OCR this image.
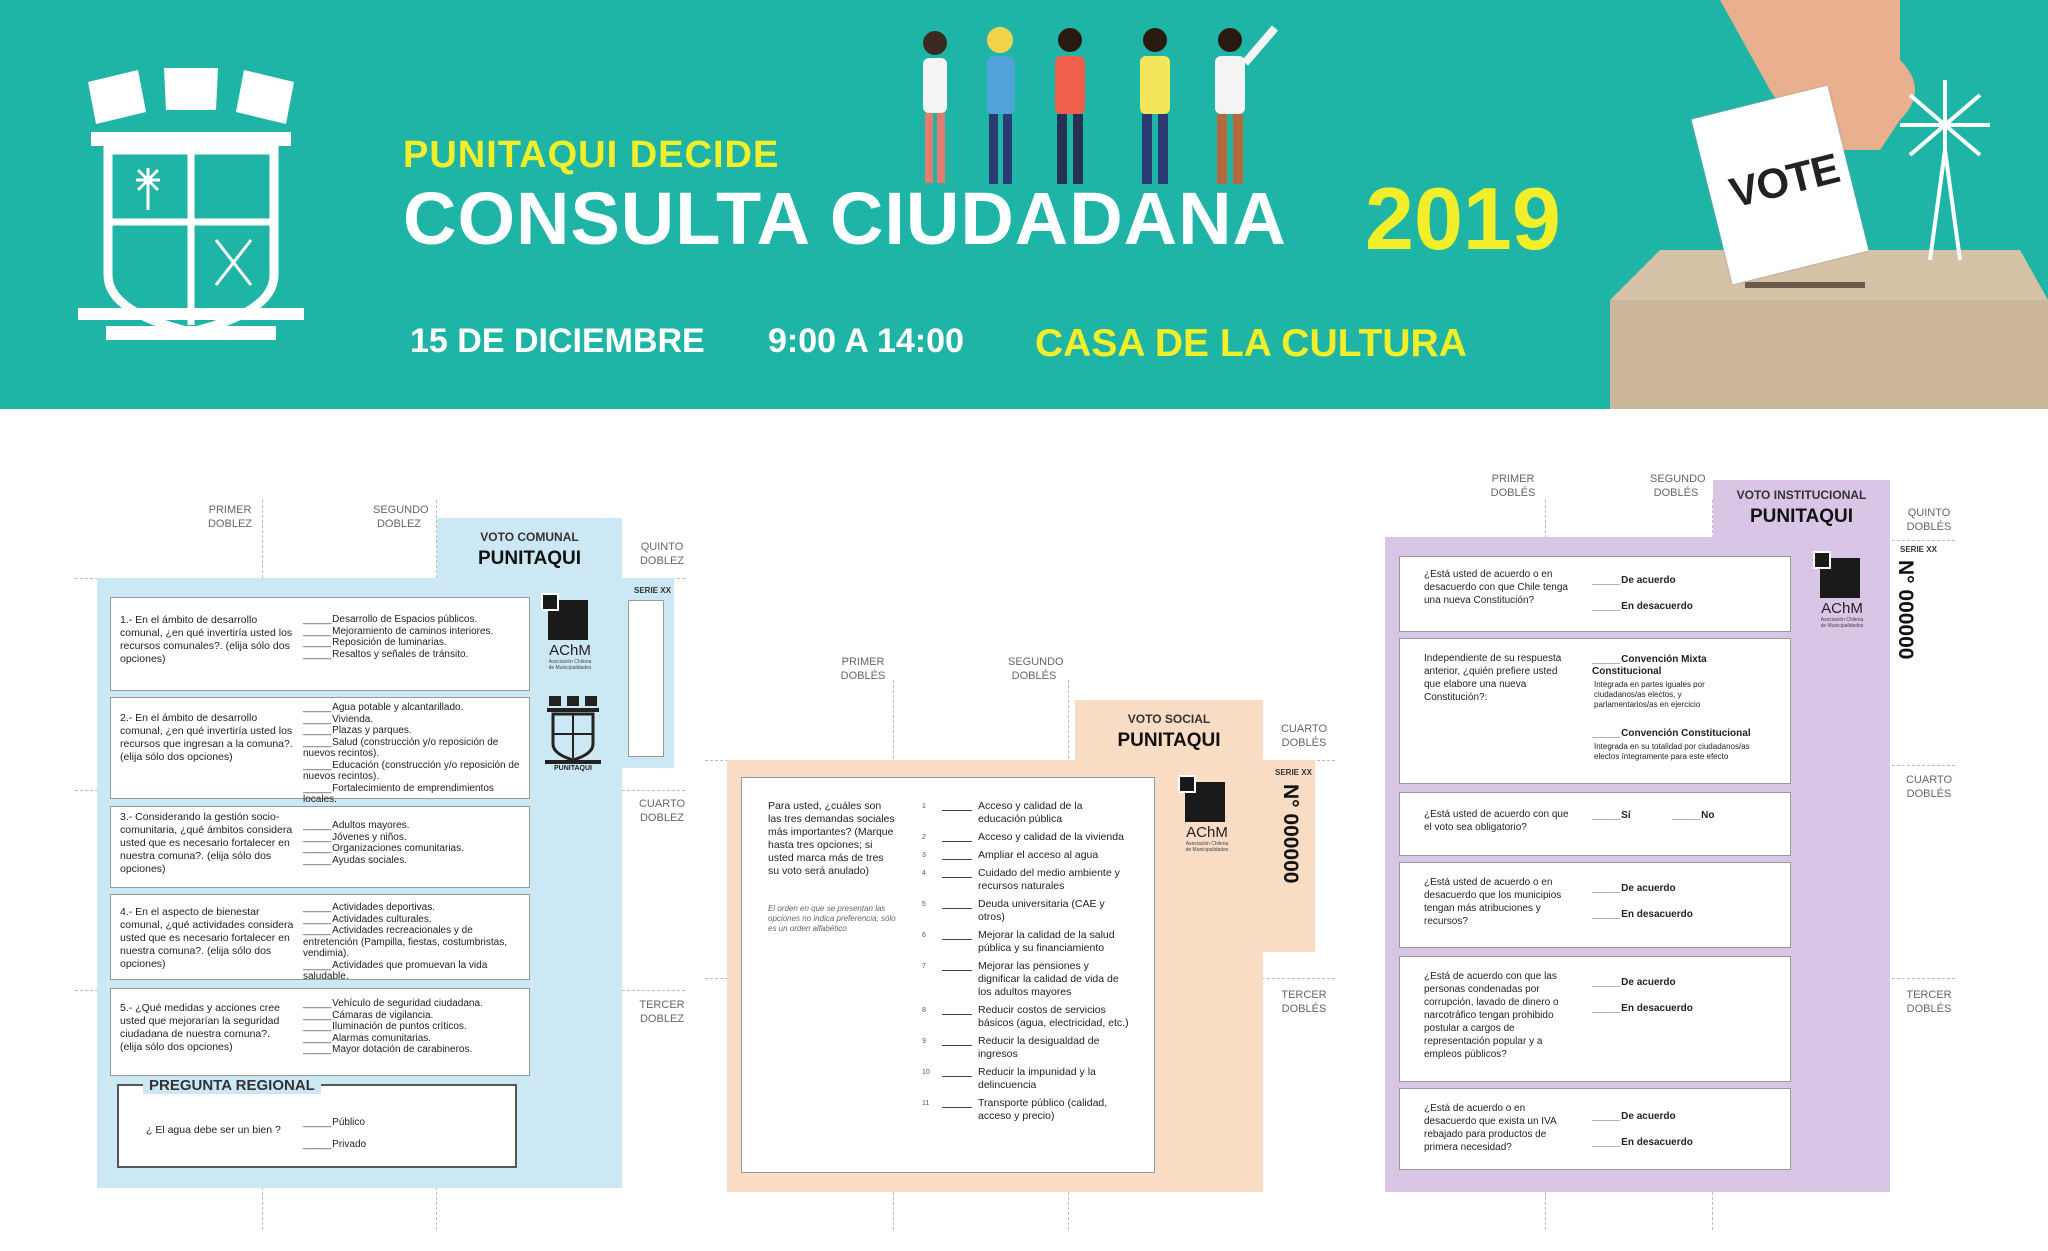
PUNITAQUI DECIDE
CONSULTA CIUDADANA 2019
15 DE DICIEMBRE 9:00 A 14:00 CASA DE LA CULTURA
VOTE
PRIMER DOBLEZ
SEGUNDO DOBLEZ
QUINTO DOBLEZ
CUARTO DOBLEZ
TERCER DOBLEZ
SERIE XX
VOTO COMUNAL
PUNITAQUI
1.- En el ámbito de desarrollo comunal, ¿en qué invertiría usted los recursos comunales?. (elija sólo dos opciones)
______ Desarrollo de Espacios públicos.
______ Mejoramiento de caminos interiores.
______ Reposición de luminarias.
______ Resaltos y señales de tránsito.
2.- En el ámbito de desarrollo comunal, ¿en qué invertiría usted los recursos que ingresan a la comuna?. (elija sólo dos opciones)
______ Agua potable y alcantarillado.
______ Vivienda.
______ Plazas y parques.
______ Salud (construcción y/o reposición de nuevos recintos).
______ Educación (construcción y/o reposición de nuevos recintos).
______ Fortalecimiento de emprendimientos locales.
3.- Considerando la gestión socio-comunitaria, ¿qué ámbitos considera usted que es necesario fortalecer en nuestra comuna?. (elija sólo dos opciones)
______ Adultos mayores.
______ Jóvenes y niños.
______ Organizaciones comunitarias.
______ Ayudas sociales.
4.- En el aspecto de bienestar comunal, ¿qué actividades considera usted que es necesario fortalecer en nuestra comuna?. (elija sólo dos opciones)
______ Actividades deportivas.
______ Actividades culturales.
______ Actividades recreacionales y de entretención (Pampilla, fiestas, costumbristas, vendimia).
______ Actividades que promuevan la vida saludable.
5.- ¿Qué medidas y acciones cree usted que mejorarían la seguridad ciudadana de nuestra comuna?. (elija sólo dos opciones)
______ Vehículo de seguridad ciudadana.
______ Cámaras de vigilancia.
______ Iluminación de puntos críticos.
______ Alarmas comunitarias.
______ Mayor dotación de carabineros.
AChM
Asociación Chilena de Municipalidades
PUNITAQUI
PREGUNTA REGIONAL
¿ El agua debe ser un bien ?
______ Público
______ Privado
PRIMER DOBLÉS
SEGUNDO DOBLÉS
CUARTO DOBLÉS
TERCER DOBLÉS
VOTO SOCIAL
PUNITAQUI
SERIE XX
N° 000000
Para usted, ¿cuáles son las tres demandas sociales más importantes? (Marque hasta tres opciones; si usted marca más de tres su voto será anulado)
El orden en que se presentan las opciones no indica preferencia, sólo es un orden alfabético
1	Acceso y calidad de la educación pública
2	Acceso y calidad de la vivienda
3	Ampliar el acceso al agua
4	Cuidado del medio ambiente y recursos naturales
5	Deuda universitaria (CAE y otros)
6	Mejorar la calidad de la salud pública y su financiamiento
7	Mejorar las pensiones y dignificar la calidad de vida de los adultos mayores
8	Reducir costos de servicios básicos (agua, electricidad, etc.)
9	Reducir la desigualdad de ingresos
10	Reducir la impunidad y la delincuencia
11	Transporte público (calidad, acceso y precio)
AChM
Asociación Chilena de Municipalidades
PRIMER DOBLÉS
SEGUNDO DOBLÉS
QUINTO DOBLÉS
CUARTO DOBLÉS
TERCER DOBLÉS
VOTO INSTITUCIONAL
PUNITAQUI
SERIE XX
N° 000000
¿Está usted de acuerdo o en desacuerdo con que Chile tenga una nueva Constitución?
______ De acuerdo
______ En desacuerdo	AChM
Asociación Chilena de Municipalidades
Independiente de su respuesta anterior, ¿quién prefiere usted que elabore una nueva Constitución?:
______ Convención Mixta Constitucional
Integrada en partes iguales por ciudadanos/as electos, y parlamentarios/as en ejercicio
______ Convención Constitucional
Integrada en su totalidad por ciudadanos/as electos íntegramente para este efecto
¿Está usted de acuerdo con que el voto sea obligatorio?
______ Sí
______	No
¿Está usted de acuerdo o en desacuerdo que los municipios tengan más atribuciones y recursos?
______ De acuerdo
______ En desacuerdo
¿Está de acuerdo con que las personas condenadas por corrupción, lavado de dinero o narcotráfico tengan prohibido postular a cargos de representación popular y a empleos públicos?
______ De acuerdo
______ En desacuerdo
¿Está de acuerdo o en desacuerdo que exista un IVA rebajado para productos de primera necesidad?
______ De acuerdo
______ En desacuerdo
